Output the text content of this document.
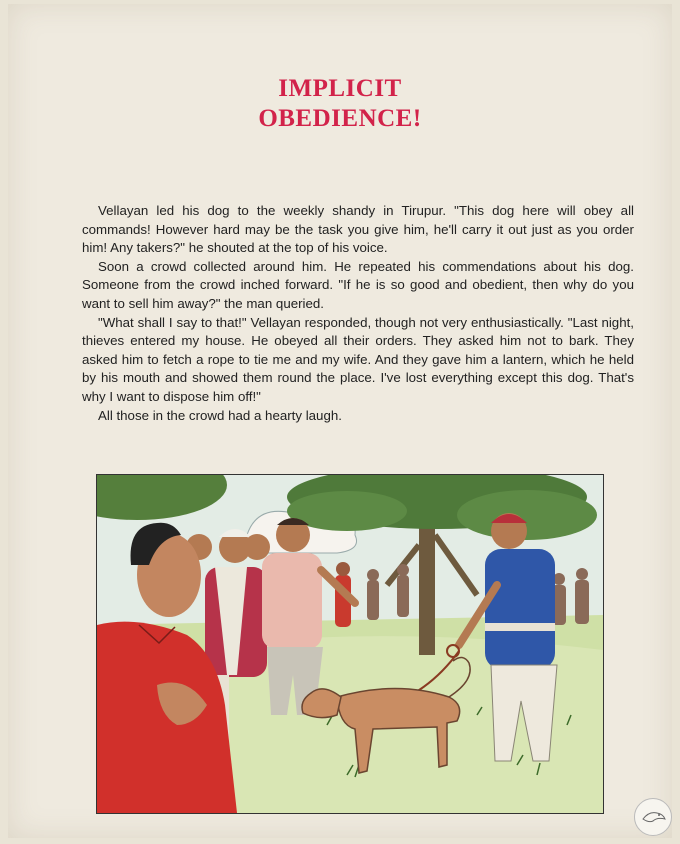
IMPLICIT
OBEDIENCE!

Vellayan led his dog to the weekly shandy in Tirupur. "This dog here will obey all commands! However hard may be the task you give him, he'll carry it out just as you order him! Any takers?" he shouted at the top of his voice.

Soon a crowd collected around him. He repeated his commendations about his dog. Someone from the crowd inched forward. "If he is so good and obedient, then why do you want to sell him away?" the man queried.

"What shall I say to that!" Vellayan responded, though not very enthusiastically. "Last night, thieves entered my house. He obeyed all their orders. They asked him not to bark. They asked him to fetch a rope to tie me and my wife. And they gave him a lantern, which he held by his mouth and showed them round the place. I've lost everything except this dog. That's why I want to dispose him off!"

All those in the crowd had a hearty laugh.
